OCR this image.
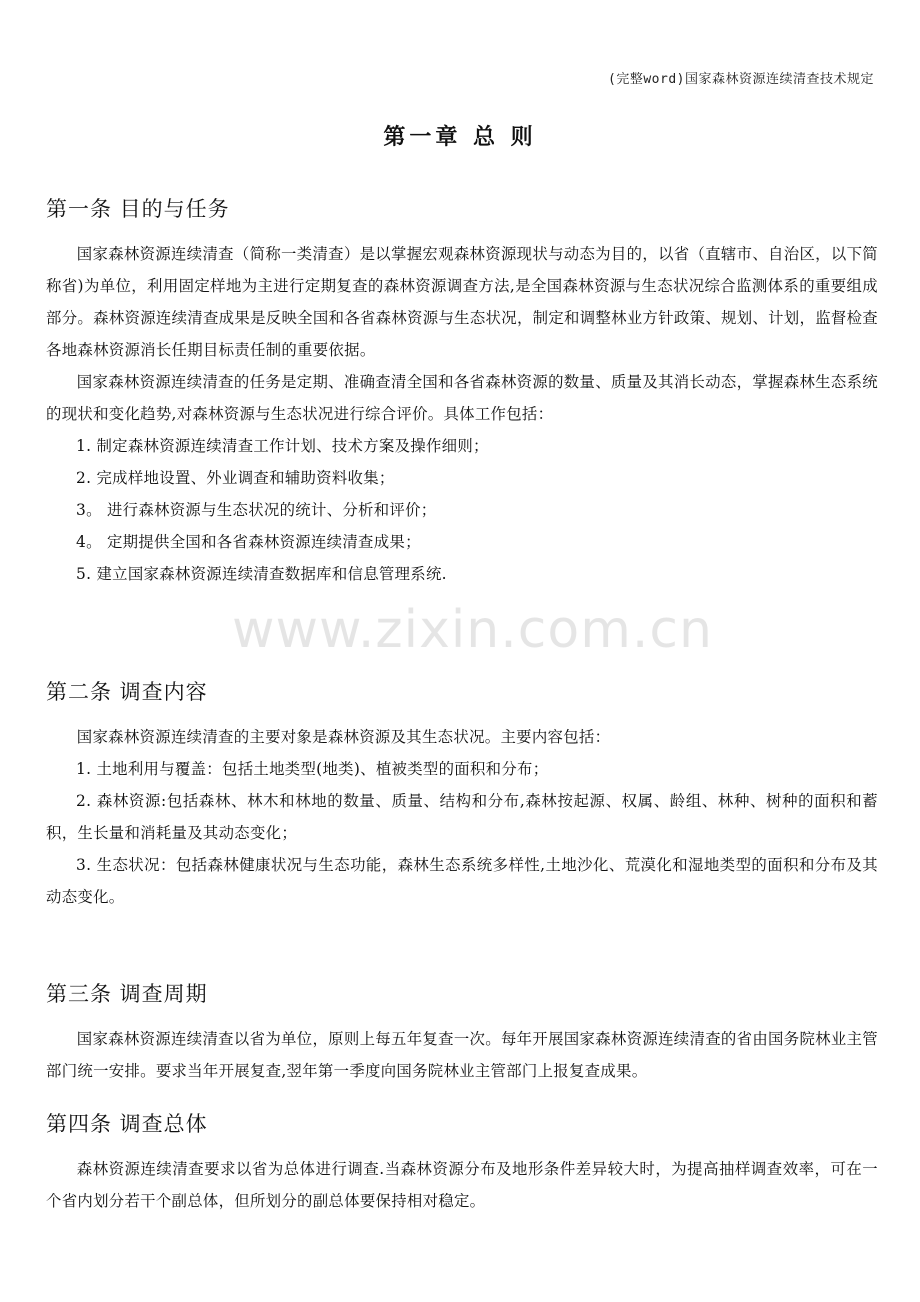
(完整word)国家森林资源连续清查技术规定
第一章 总 则
www.zixin.com.cn
第一条 目的与任务

国家森林资源连续清查（简称一类清查）是以掌握宏观森林资源现状与动态为目的，以省（直辖市、自治区，以下简称省)为单位，利用固定样地为主进行定期复查的森林资源调查方法,是全国森林资源与生态状况综合监测体系的重要组成部分。森林资源连续清查成果是反映全国和各省森林资源与生态状况，制定和调整林业方针政策、规划、计划，监督检查各地森林资源消长任期目标责任制的重要依据。

国家森林资源连续清查的任务是定期、准确查清全国和各省森林资源的数量、质量及其消长动态，掌握森林生态系统的现状和变化趋势,对森林资源与生态状况进行综合评价。具体工作包括：

1. 制定森林资源连续清查工作计划、技术方案及操作细则；

2. 完成样地设置、外业调查和辅助资料收集；

3。 进行森林资源与生态状况的统计、分析和评价；

4。 定期提供全国和各省森林资源连续清查成果；

5. 建立国家森林资源连续清查数据库和信息管理系统.

第二条 调查内容

国家森林资源连续清查的主要对象是森林资源及其生态状况。主要内容包括：

1. 土地利用与覆盖：包括土地类型(地类)、植被类型的面积和分布；

2. 森林资源:包括森林、林木和林地的数量、质量、结构和分布,森林按起源、权属、龄组、林种、树种的面积和蓄积，生长量和消耗量及其动态变化；

3. 生态状况：包括森林健康状况与生态功能，森林生态系统多样性,土地沙化、荒漠化和湿地类型的面积和分布及其动态变化。

第三条 调查周期

国家森林资源连续清查以省为单位，原则上每五年复查一次。每年开展国家森林资源连续清查的省由国务院林业主管部门统一安排。要求当年开展复查,翌年第一季度向国务院林业主管部门上报复查成果。

第四条 调查总体

森林资源连续清查要求以省为总体进行调查.当森林资源分布及地形条件差异较大时，为提高抽样调查效率，可在一个省内划分若干个副总体，但所划分的副总体要保持相对稳定。
